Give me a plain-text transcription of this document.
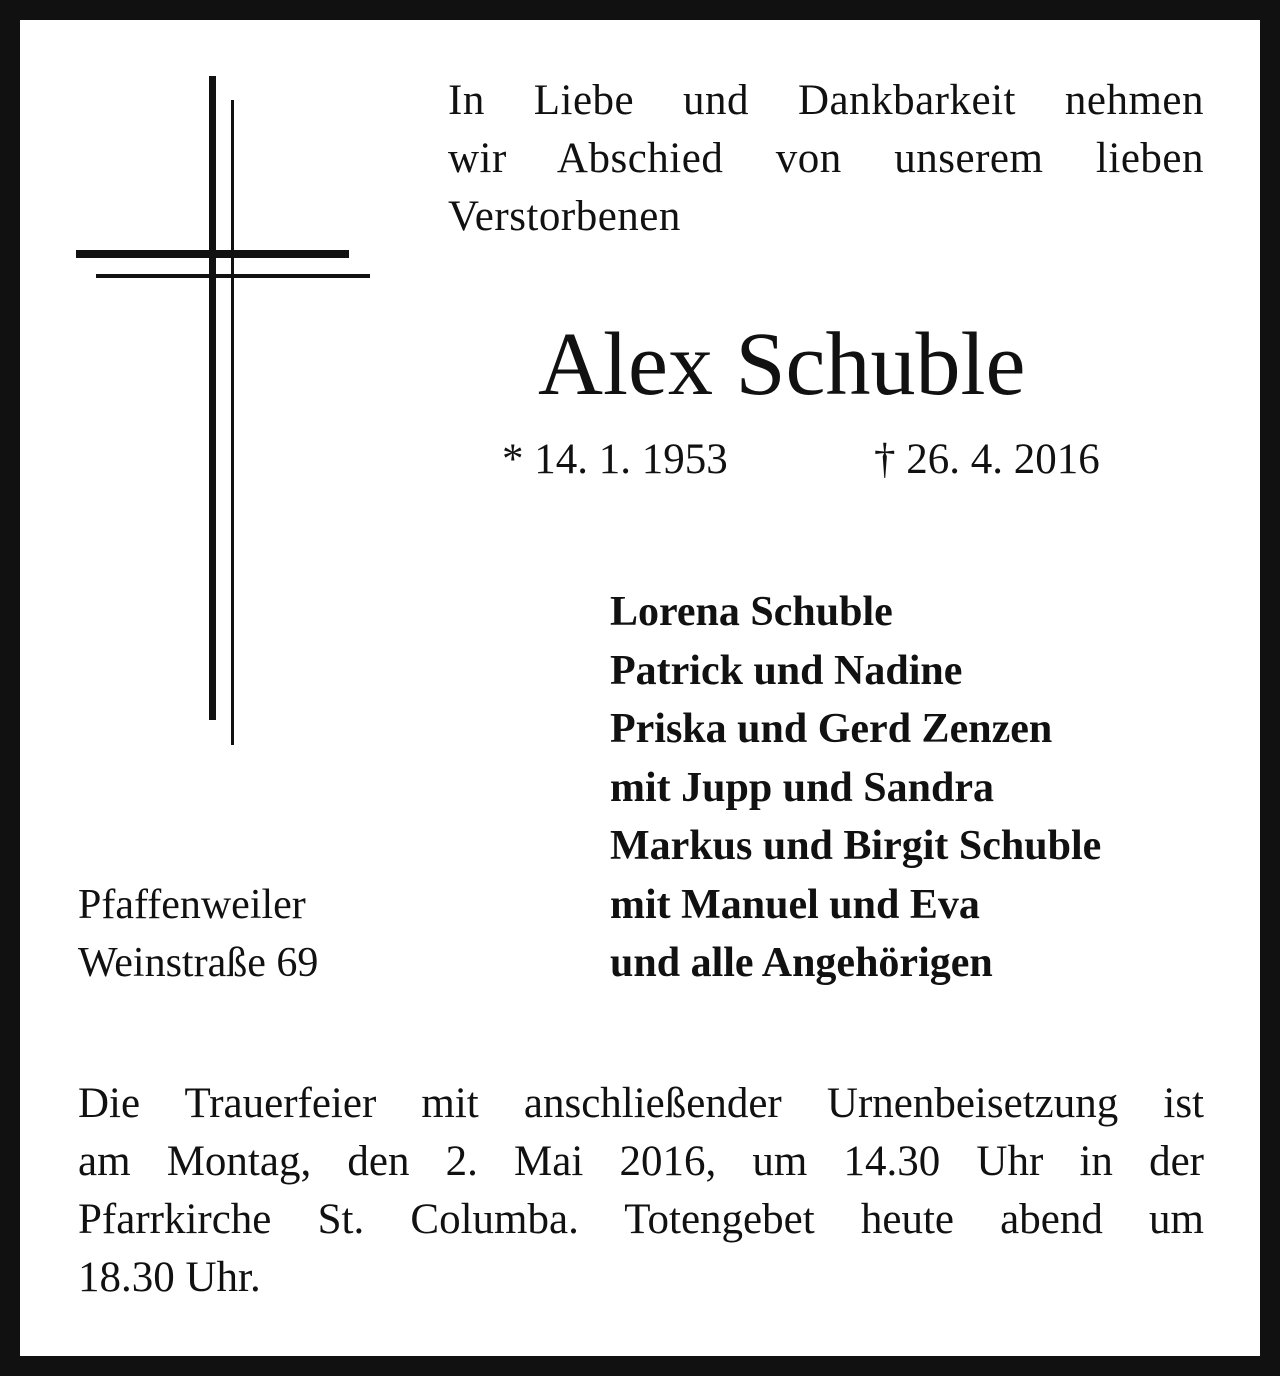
In Liebe und Dankbarkeit nehmen
wir Abschied von unserem lieben
Verstorbenen
Alex Schuble
* 14. 1. 1953	† 26. 4. 2016
Lorena Schuble
Patrick und Nadine
Priska und Gerd Zenzen
mit Jupp und Sandra
Markus und Birgit Schuble
mit Manuel und Eva
und alle Angehörigen
Pfaffenweiler
Weinstraße 69
Die Trauerfeier mit anschließender Urnenbeisetzung ist
am Montag, den 2. Mai 2016, um 14.30 Uhr in der
Pfarrkirche St. Columba. Totengebet heute abend um
18.30 Uhr.
